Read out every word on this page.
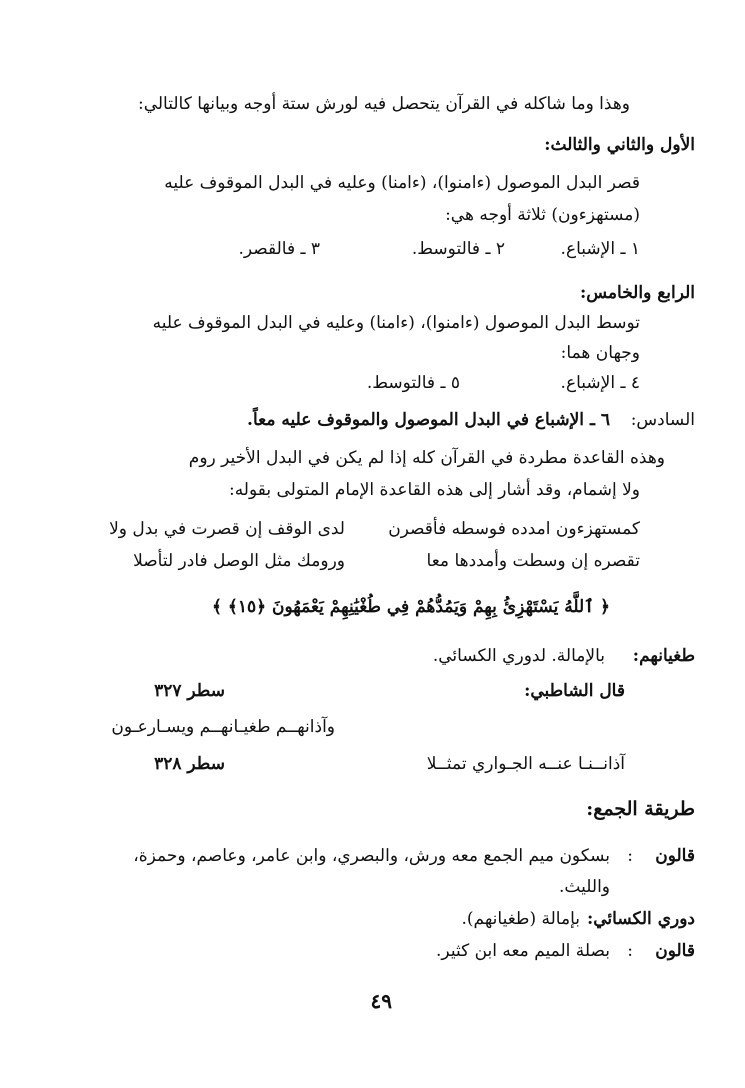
وهذا وما شاكله في القرآن يتحصل فيه لورش ستة أوجه وبيانها كالتالي:
الأول والثاني والثالث:
قصر البدل الموصول (ءامنوا)، (ءامنا) وعليه في البدل الموقوف عليه
(مستهزءون) ثلاثة أوجه هي:
١ ـ الإشباع.
٢ ـ فالتوسط.
٣ ـ فالقصر.
الرابع والخامس:
توسط البدل الموصول (ءامنوا)، (ءامنا) وعليه في البدل الموقوف عليه
وجهان هما:
٤ ـ الإشباع.
٥ ـ فالتوسط.
السادس:
٦ ـ الإشباع في البدل الموصول والموقوف عليه معاً.
وهذه القاعدة مطردة في القرآن كله إذا لم يكن في البدل الأخير روم
ولا إشمام، وقد أشار إلى هذه القاعدة الإمام المتولى بقوله:
كمستهزءون امدده فوسطه فأقصرن
لدى الوقف إن قصرت في بدل ولا
تقصره إن وسطت وأمددها معا
ورومك مثل الوصل فادر لتأصلا
﴿ ٱللَّهُ يَسْتَهْزِئُ بِهِمْ وَيَمُدُّهُمْ فِي طُغْيَٰنِهِمْ يَعْمَهُونَ ﴿١٥﴾ ﴾
طغيانهم:
بالإمالة. لدوري الكسائي.
قال الشاطبي:
سطر ٣٢٧
وآذانهــم طغيـانهــم ويسـارعـون
آذانــنـا عنــه الجـواري تمثــلا
سطر ٣٢٨
طريقة الجمع:
قالون
:
بسكون ميم الجمع معه ورش، والبصري، وابن عامر، وعاصم، وحمزة،
والليث.
دوري الكسائي:
بإمالة (طغيانهم).
قالون
:
بصلة الميم معه ابن كثير.
٤٩
